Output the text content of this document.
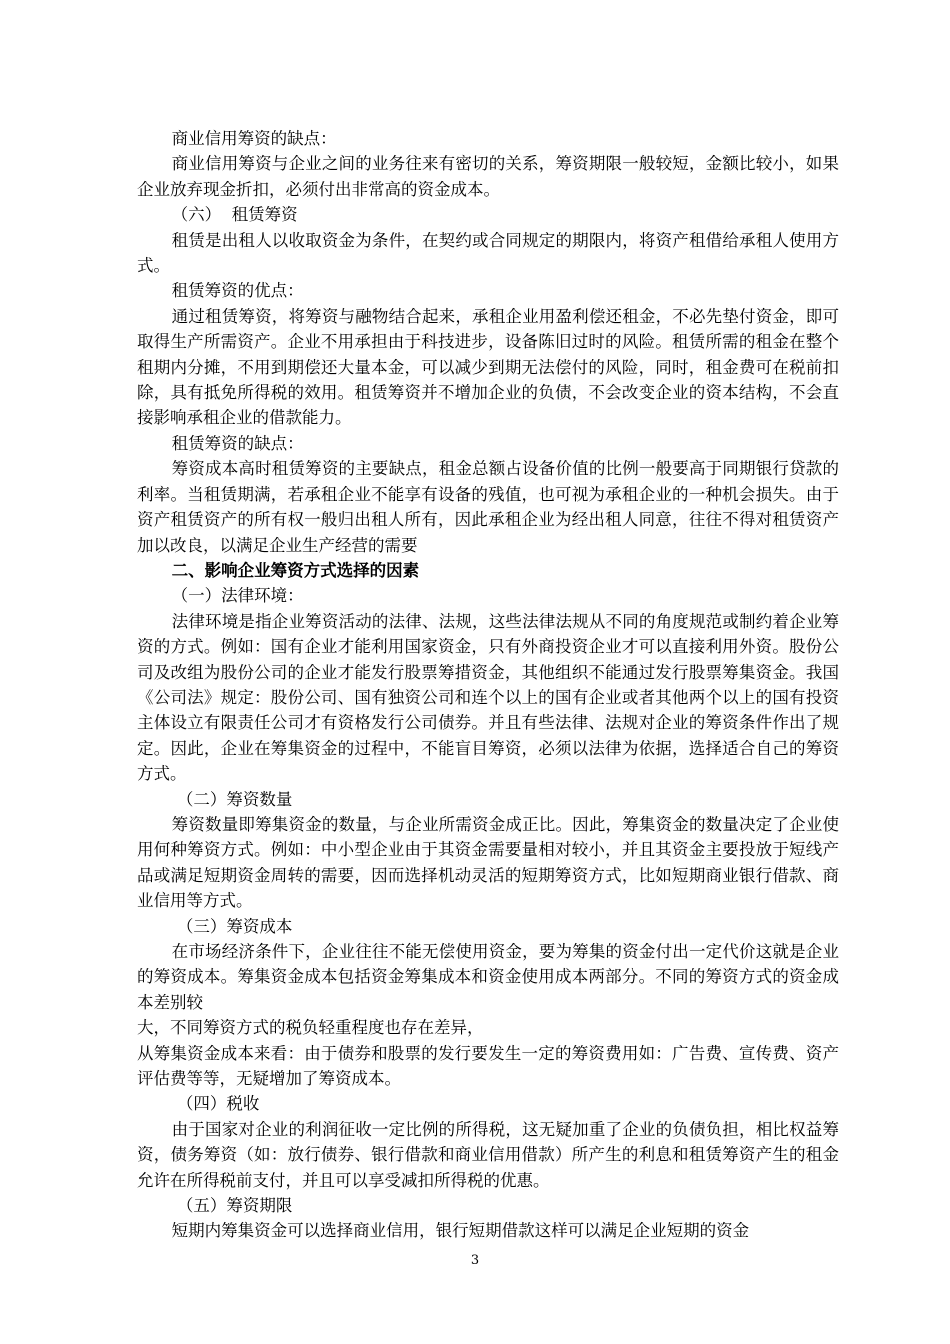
商业信用筹资的缺点：

商业信用筹资与企业之间的业务往来有密切的关系，筹资期限一般较短，金额比较小，如果企业放弃现金折扣，必须付出非常高的资金成本。

（六）  租赁筹资

租赁是出租人以收取资金为条件，在契约或合同规定的期限内，将资产租借给承租人使用方式。

租赁筹资的优点：

通过租赁筹资，将筹资与融物结合起来，承租企业用盈利偿还租金，不必先垫付资金，即可取得生产所需资产。企业不用承担由于科技进步，设备陈旧过时的风险。租赁所需的租金在整个租期内分摊，不用到期偿还大量本金，可以减少到期无法偿付的风险，同时，租金费可在税前扣除，具有抵免所得税的效用。租赁筹资并不增加企业的负债，不会改变企业的资本结构，不会直接影响承租企业的借款能力。

租赁筹资的缺点：

筹资成本高时租赁筹资的主要缺点，租金总额占设备价值的比例一般要高于同期银行贷款的利率。当租赁期满，若承租企业不能享有设备的残值，也可视为承租企业的一种机会损失。由于资产租赁资产的所有权一般归出租人所有，因此承租企业为经出租人同意，往往不得对租赁资产加以改良，以满足企业生产经营的需要

二、影响企业筹资方式选择的因素

（一）法律环境：

法律环境是指企业筹资活动的法律、法规，这些法律法规从不同的角度规范或制约着企业筹资的方式。例如：国有企业才能利用国家资金，只有外商投资企业才可以直接利用外资。股份公司及改组为股份公司的企业才能发行股票筹措资金，其他组织不能通过发行股票筹集资金。我国《公司法》规定：股份公司、国有独资公司和连个以上的国有企业或者其他两个以上的国有投资主体设立有限责任公司才有资格发行公司债券。并且有些法律、法规对企业的筹资条件作出了规定。因此，企业在筹集资金的过程中，不能盲目筹资，必须以法律为依据，选择适合自己的筹资方式。

（二）筹资数量

筹资数量即筹集资金的数量，与企业所需资金成正比。因此，筹集资金的数量决定了企业使用何种筹资方式。例如：中小型企业由于其资金需要量相对较小，并且其资金主要投放于短线产品或满足短期资金周转的需要，因而选择机动灵活的短期筹资方式，比如短期商业银行借款、商业信用等方式。

（三）筹资成本

在市场经济条件下，企业往往不能无偿使用资金，要为筹集的资金付出一定代价这就是企业的筹资成本。筹集资金成本包括资金筹集成本和资金使用成本两部分。不同的筹资方式的资金成本差别较

大，不同筹资方式的税负轻重程度也存在差异，

从筹集资金成本来看：由于债券和股票的发行要发生一定的筹资费用如：广告费、宣传费、资产评估费等等，无疑增加了筹资成本。

（四）税收

由于国家对企业的利润征收一定比例的所得税，这无疑加重了企业的负债负担，相比权益筹资，债务筹资（如：放行债券、银行借款和商业信用借款）所产生的利息和租赁筹资产生的租金允许在所得税前支付，并且可以享受减扣所得税的优惠。

（五）筹资期限

短期内筹集资金可以选择商业信用，银行短期借款这样可以满足企业短期的资金

3
